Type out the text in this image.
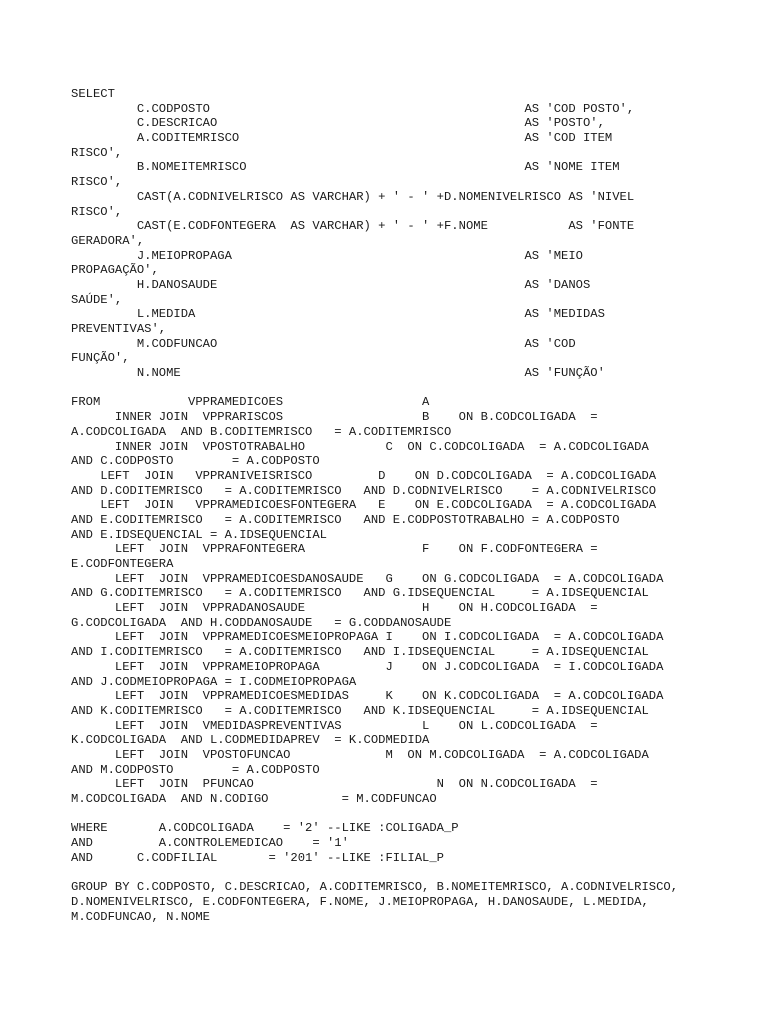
SELECT
C.CODPOSTO                                           AS 'COD POSTO',
C.DESCRICAO                                          AS 'POSTO',
A.CODITEMRISCO                                       AS 'COD ITEM
RISCO',
B.NOMEITEMRISCO                                      AS 'NOME ITEM
RISCO',
CAST(A.CODNIVELRISCO AS VARCHAR) + ' - ' +D.NOMENIVELRISCO AS 'NIVEL
RISCO',
CAST(E.CODFONTEGERA  AS VARCHAR) + ' - ' +F.NOME           AS 'FONTE
GERADORA',
J.MEIOPROPAGA                                        AS 'MEIO
PROPAGAÇÃO',
H.DANOSAUDE                                          AS 'DANOS
SAÚDE',
L.MEDIDA                                             AS 'MEDIDAS
PREVENTIVAS',
M.CODFUNCAO                                          AS 'COD
FUNÇÃO',
N.NOME                                               AS 'FUNÇÃO'
FROM            VPPRAMEDICOES                   A
INNER JOIN  VPPRARISCOS                   B    ON B.CODCOLIGADA  =
A.CODCOLIGADA  AND B.CODITEMRISCO   = A.CODITEMRISCO
INNER JOIN  VPOSTOTRABALHO           C  ON C.CODCOLIGADA  = A.CODCOLIGADA
AND C.CODPOSTO        = A.CODPOSTO
LEFT  JOIN   VPPRANIVEISRISCO         D    ON D.CODCOLIGADA  = A.CODCOLIGADA
AND D.CODITEMRISCO   = A.CODITEMRISCO   AND D.CODNIVELRISCO    = A.CODNIVELRISCO
LEFT  JOIN   VPPRAMEDICOESFONTEGERA   E    ON E.CODCOLIGADA  = A.CODCOLIGADA
AND E.CODITEMRISCO   = A.CODITEMRISCO   AND E.CODPOSTOTRABALHO = A.CODPOSTO
AND E.IDSEQUENCIAL = A.IDSEQUENCIAL
LEFT  JOIN  VPPRAFONTEGERA                F    ON F.CODFONTEGERA =
E.CODFONTEGERA
LEFT  JOIN  VPPRAMEDICOESDANOSAUDE   G    ON G.CODCOLIGADA  = A.CODCOLIGADA
AND G.CODITEMRISCO   = A.CODITEMRISCO   AND G.IDSEQUENCIAL     = A.IDSEQUENCIAL
LEFT  JOIN  VPPRADANOSAUDE                H    ON H.CODCOLIGADA  =
G.CODCOLIGADA  AND H.CODDANOSAUDE   = G.CODDANOSAUDE
LEFT  JOIN  VPPRAMEDICOESMEIOPROPAGA I    ON I.CODCOLIGADA  = A.CODCOLIGADA
AND I.CODITEMRISCO   = A.CODITEMRISCO   AND I.IDSEQUENCIAL     = A.IDSEQUENCIAL
LEFT  JOIN  VPPRAMEIOPROPAGA         J    ON J.CODCOLIGADA  = I.CODCOLIGADA
AND J.CODMEIOPROPAGA = I.CODMEIOPROPAGA
LEFT  JOIN  VPPRAMEDICOESMEDIDAS     K    ON K.CODCOLIGADA  = A.CODCOLIGADA
AND K.CODITEMRISCO   = A.CODITEMRISCO   AND K.IDSEQUENCIAL     = A.IDSEQUENCIAL
LEFT  JOIN  VMEDIDASPREVENTIVAS           L    ON L.CODCOLIGADA  =
K.CODCOLIGADA  AND L.CODMEDIDAPREV  = K.CODMEDIDA
LEFT  JOIN  VPOSTOFUNCAO             M  ON M.CODCOLIGADA  = A.CODCOLIGADA
AND M.CODPOSTO        = A.CODPOSTO
LEFT  JOIN  PFUNCAO                         N  ON N.CODCOLIGADA  =
M.CODCOLIGADA  AND N.CODIGO          = M.CODFUNCAO
WHERE       A.CODCOLIGADA    = '2' --LIKE :COLIGADA_P
AND         A.CONTROLEMEDICAO    = '1'
AND      C.CODFILIAL       = '201' --LIKE :FILIAL_P
GROUP BY C.CODPOSTO, C.DESCRICAO, A.CODITEMRISCO, B.NOMEITEMRISCO, A.CODNIVELRISCO,
D.NOMENIVELRISCO, E.CODFONTEGERA, F.NOME, J.MEIOPROPAGA, H.DANOSAUDE, L.MEDIDA,
M.CODFUNCAO, N.NOME
